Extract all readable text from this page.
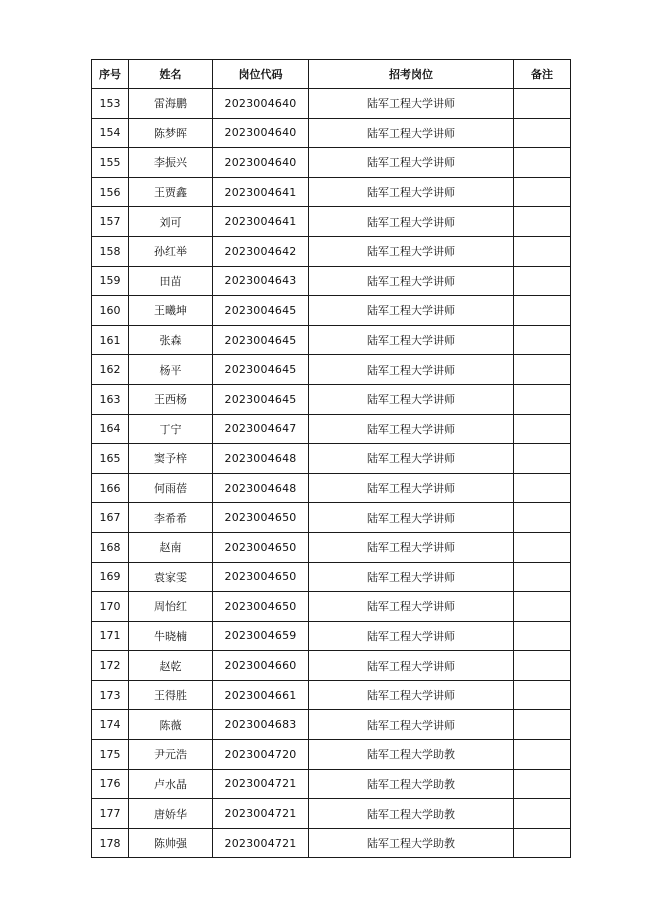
序号	姓名	岗位代码	招考岗位	备注
153	雷海鹏	2023004640	陆军工程大学讲师	
154	陈梦晖	2023004640	陆军工程大学讲师	
155	李振兴	2023004640	陆军工程大学讲师	
156	王贾鑫	2023004641	陆军工程大学讲师	
157	刘可	2023004641	陆军工程大学讲师	
158	孙红举	2023004642	陆军工程大学讲师	
159	田苗	2023004643	陆军工程大学讲师	
160	王曦坤	2023004645	陆军工程大学讲师	
161	张森	2023004645	陆军工程大学讲师	
162	杨平	2023004645	陆军工程大学讲师	
163	王西杨	2023004645	陆军工程大学讲师	
164	丁宁	2023004647	陆军工程大学讲师	
165	窦予梓	2023004648	陆军工程大学讲师	
166	何雨蓓	2023004648	陆军工程大学讲师	
167	李希希	2023004650	陆军工程大学讲师	
168	赵南	2023004650	陆军工程大学讲师	
169	袁家雯	2023004650	陆军工程大学讲师	
170	周怡红	2023004650	陆军工程大学讲师	
171	牛晓楠	2023004659	陆军工程大学讲师	
172	赵乾	2023004660	陆军工程大学讲师	
173	王得胜	2023004661	陆军工程大学讲师	
174	陈薇	2023004683	陆军工程大学讲师	
175	尹元浩	2023004720	陆军工程大学助教	
176	卢水晶	2023004721	陆军工程大学助教	
177	唐娇华	2023004721	陆军工程大学助教	
178	陈帅强	2023004721	陆军工程大学助教	
